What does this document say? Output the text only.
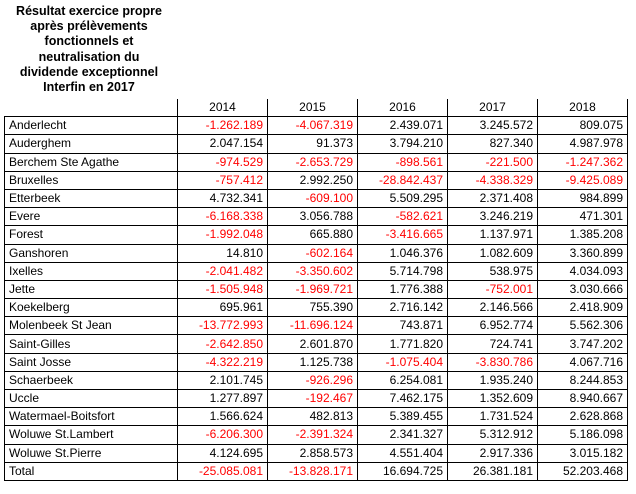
Résultat exercice propre
après prélèvements
fonctionnels et
neutralisation du
dividende exceptionnel
Interfin en 2017
	2014	2015	2016	2017	2018
Anderlecht	-1.262.189	-4.067.319	2.439.071	3.245.572	809.075
Auderghem	2.047.154	91.373	3.794.210	827.340	4.987.978
Berchem Ste Agathe	-974.529	-2.653.729	-898.561	-221.500	-1.247.362
Bruxelles	-757.412	2.992.250	-28.842.437	-4.338.329	-9.425.089
Etterbeek	4.732.341	-609.100	5.509.295	2.371.408	984.899
Evere	-6.168.338	3.056.788	-582.621	3.246.219	471.301
Forest	-1.992.048	665.880	-3.416.665	1.137.971	1.385.208
Ganshoren	14.810	-602.164	1.046.376	1.082.609	3.360.899
Ixelles	-2.041.482	-3.350.602	5.714.798	538.975	4.034.093
Jette	-1.505.948	-1.969.721	1.776.388	-752.001	3.030.666
Koekelberg	695.961	755.390	2.716.142	2.146.566	2.418.909
Molenbeek St Jean	-13.772.993	-11.696.124	743.871	6.952.774	5.562.306
Saint-Gilles	-2.642.850	2.601.870	1.771.820	724.741	3.747.202
Saint Josse	-4.322.219	1.125.738	-1.075.404	-3.830.786	4.067.716
Schaerbeek	2.101.745	-926.296	6.254.081	1.935.240	8.244.853
Uccle	1.277.897	-192.467	7.462.175	1.352.609	8.940.667
Watermael-Boitsfort	1.566.624	482.813	5.389.455	1.731.524	2.628.868
Woluwe St.Lambert	-6.206.300	-2.391.324	2.341.327	5.312.912	5.186.098
Woluwe St.Pierre	4.124.695	2.858.573	4.551.404	2.917.336	3.015.182
Total	-25.085.081	-13.828.171	16.694.725	26.381.181	52.203.468
